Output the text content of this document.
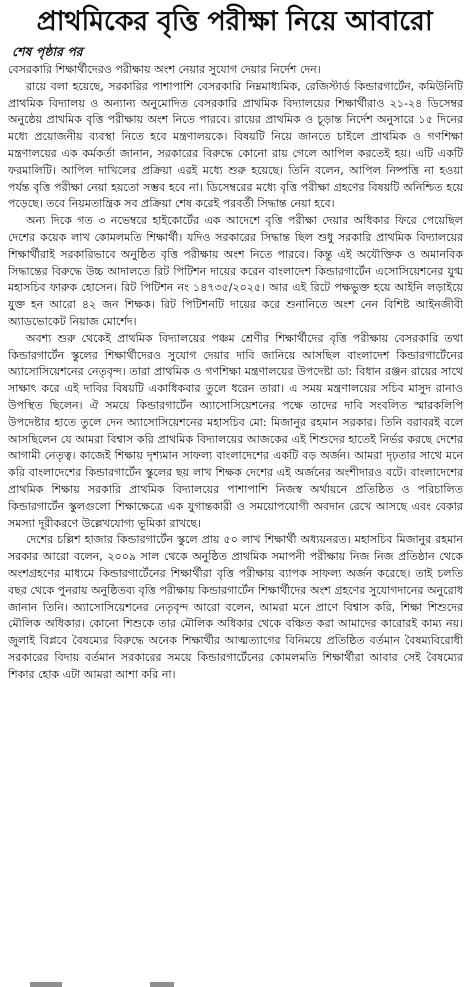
প্রাথমিকের বৃত্তি পরীক্ষা নিয়ে আবারো
শেষ পৃষ্ঠার পর

বেসরকারি শিক্ষার্থীদেরও পরীক্ষায় অংশ নেয়ার সুযোগ দেয়ার নির্দেশ দেন।

রায়ে বলা হয়েছে, সরকারির পাশাপাশি বেসরকারি নিম্নমাধ্যমিক, রেজিস্টার্ড কিন্ডারগার্টেন, কমিউনিটি প্রাথমিক বিদ্যালয় ও অন্যান্য অনুমোদিত বেসরকারি প্রাথমিক বিদ্যালয়ের শিক্ষার্থীরাও ২১-২৪ ডিসেম্বর অনুষ্ঠেয় প্রাথমিক বৃত্তি পরীক্ষায় অংশ নিতে পারবে। রায়ের প্রাথমিক ও চূড়ান্ত নির্দেশ অনুসারে ১৫ দিনের মধ্যে প্রয়োজনীয় ব্যবস্থা নিতে হবে মন্ত্রণালয়কে। বিষয়টি নিয়ে জানতে চাইলে প্রাথমিক ও গণশিক্ষা মন্ত্রণালয়ের এক কর্মকর্তা জানান, সরকারের বিরুদ্ধে কোনো রায় গেলে আপিল করতেই হয়। এটি একটি ফরমালিটি। আপিল দাখিলের প্রক্রিয়া এরই মধ্যে শুরু হয়েছে। তিনি বলেন, আপিল নিষ্পত্তি না হওয়া পর্যন্ত বৃত্তি পরীক্ষা নেয়া হয়তো সম্ভব হবে না। ডিসেম্বরের মধ্যে বৃত্তি পরীক্ষা গ্রহণের বিষয়টি অনিশ্চিত হয়ে পড়েছে। তবে নিয়মতান্ত্রিক সব প্রক্রিয়া শেষ করেই পরবর্তী সিদ্ধান্ত নেয়া হবে।

অন্য দিকে গত ৩ নভেম্বরে হাইকোর্টের এক আদেশে বৃত্তি পরীক্ষা দেয়ার অধিকার ফিরে পেয়েছিল দেশের কয়েক লাখ কোমলমতি শিক্ষার্থী। যদিও সরকারের সিদ্ধান্ত ছিল শুধু সরকারি প্রাথমিক বিদ্যালয়ের শিক্ষার্থীরাই সরকারিভাবে অনুষ্ঠিত বৃত্তি পরীক্ষায় অংশ নিতে পারবে। কিন্তু এই অযৌক্তিক ও অমানবিক সিদ্ধান্তের বিরুদ্ধে উচ্চ আদালতে রিট পিটিশন দায়ের করেন বাংলাদেশ কিন্ডারগার্টেন এসোসিয়েশনের যুগ্ম মহাসচিব ফারুক হোসেন। রিট পিটিশন নং ১৪৭৩৫/২০২৫। আর এই রিটে পক্ষভুক্ত হয়ে আইনি লড়াইয়ে যুক্ত হন আরো ৪২ জন শিক্ষক। রিট পিটিশনটি দায়ের করে শুনানিতে অংশ নেন বিশিষ্ট আইনজীবী অ্যাডভোকেট নিয়াজ মোর্শেদ।

অবশ্য শুরু থেকেই প্রাথমিক বিদ্যালয়ের পঞ্চম শ্রেণীর শিক্ষার্থীদের বৃত্তি পরীক্ষায় বেসরকারি তথা কিন্ডারগার্টেন স্কুলের শিক্ষার্থীদেরও সুযোগ দেয়ার দাবি জানিয়ে আসছিল বাংলাদেশ কিন্ডারগার্টেনের অ্যাসোসিয়েশনের নেতৃবৃন্দ। তারা প্রাথমিক ও গণশিক্ষা মন্ত্রণালয়ের উপদেষ্টা ডা: বিধান রঞ্জন রায়ের সাথে সাক্ষাৎ করে এই দাবির বিষয়টি একাধিকবার তুলে ধরেন তারা। এ সময় মন্ত্রণালয়ের সচিব মাসুদ রানাও উপস্থিত ছিলেন। ঐ সময়ে কিন্ডারগার্টেন অ্যাসোসিয়েশনের পক্ষে তাদের দাবি সংবলিত স্মারকলিপি উপদেষ্টার হাতে তুলে দেন অ্যাসোসিয়েশনের মহাসচিব মো: মিজানুর রহমান সরকার। তিনি বরাবরই বলে আসছিলেন যে আমরা বিশ্বাস করি প্রাথমিক বিদ্যালয়ের আজকের এই শিশুদের হাতেই নির্ভর করছে দেশের আগামী নেতৃত্ব। কাজেই শিক্ষায় দৃশ্যমান সাফল্য বাংলাদেশের একটি বড় অর্জন। আমরা দৃঢ়তার সাথে মনে করি বাংলাদেশের কিন্ডারগার্টেন স্কুলের ছয় লাখ শিক্ষক দেশের এই অর্জনের অংশীদারও বটে। বাংলাদেশের প্রাথমিক শিক্ষায় সরকারি প্রাথমিক বিদ্যালয়ের পাশাপাশি নিজস্ব অর্থায়নে প্রতিষ্ঠিত ও পরিচালিত কিন্ডারগার্টেন স্কুলগুলো শিক্ষাক্ষেত্রে এক যুগান্তকারী ও সময়োপযোগী অবদান রেখে আসছে এবং বেকার সমস্যা দূরীকরণে উল্লেখযোগ্য ভূমিকা রাখছে।

দেশের চল্লিশ হাজার কিন্ডারগার্টেন স্কুলে প্রায় ৫০ লাখ শিক্ষার্থী অধ্যয়নরত। মহাসচিব মিজানুর রহমান সরকার আরো বলেন, ২০০৯ সাল থেকে অনুষ্ঠিত প্রাথমিক সমাপনী পরীক্ষায় নিজ নিজ প্রতিষ্ঠান থেকে অংশগ্রহণের মাধ্যমে কিন্ডারগার্টেনের শিক্ষার্থীরা বৃত্তি পরীক্ষায় ব্যাপক সাফল্য অর্জন করেছে। তাই চলতি বছর থেকে পুনরায় অনুষ্ঠিতব্য বৃত্তি পরীক্ষায় কিন্ডারগার্টেন শিক্ষার্থীদের অংশ গ্রহণের সুযোগদানের অনুরোধ জানান তিনি। অ্যাসোসিয়েশনের নেতৃবৃন্দ আরো বলেন, আমরা মনে প্রাণে বিশ্বাস করি, শিক্ষা শিশুদের মৌলিক অধিকার। কোনো শিশুকে তার মৌলিক অধিকার থেকে বঞ্চিত করা আমাদের কারোরই কাম্য নয়। জুলাই বিপ্লবে বৈষম্যের বিরুদ্ধে অনেক শিক্ষার্থীর আত্মত্যাগের বিনিময়ে প্রতিষ্ঠিত বর্তমান বৈষম্যবিরোধী সরকারের বিদায় বর্তমান সরকারের সময়ে কিন্ডারগার্টেনের কোমলমতি শিক্ষার্থীরা আবার সেই বৈষম্যের শিকার হোক এটা আমরা আশা করি না।
